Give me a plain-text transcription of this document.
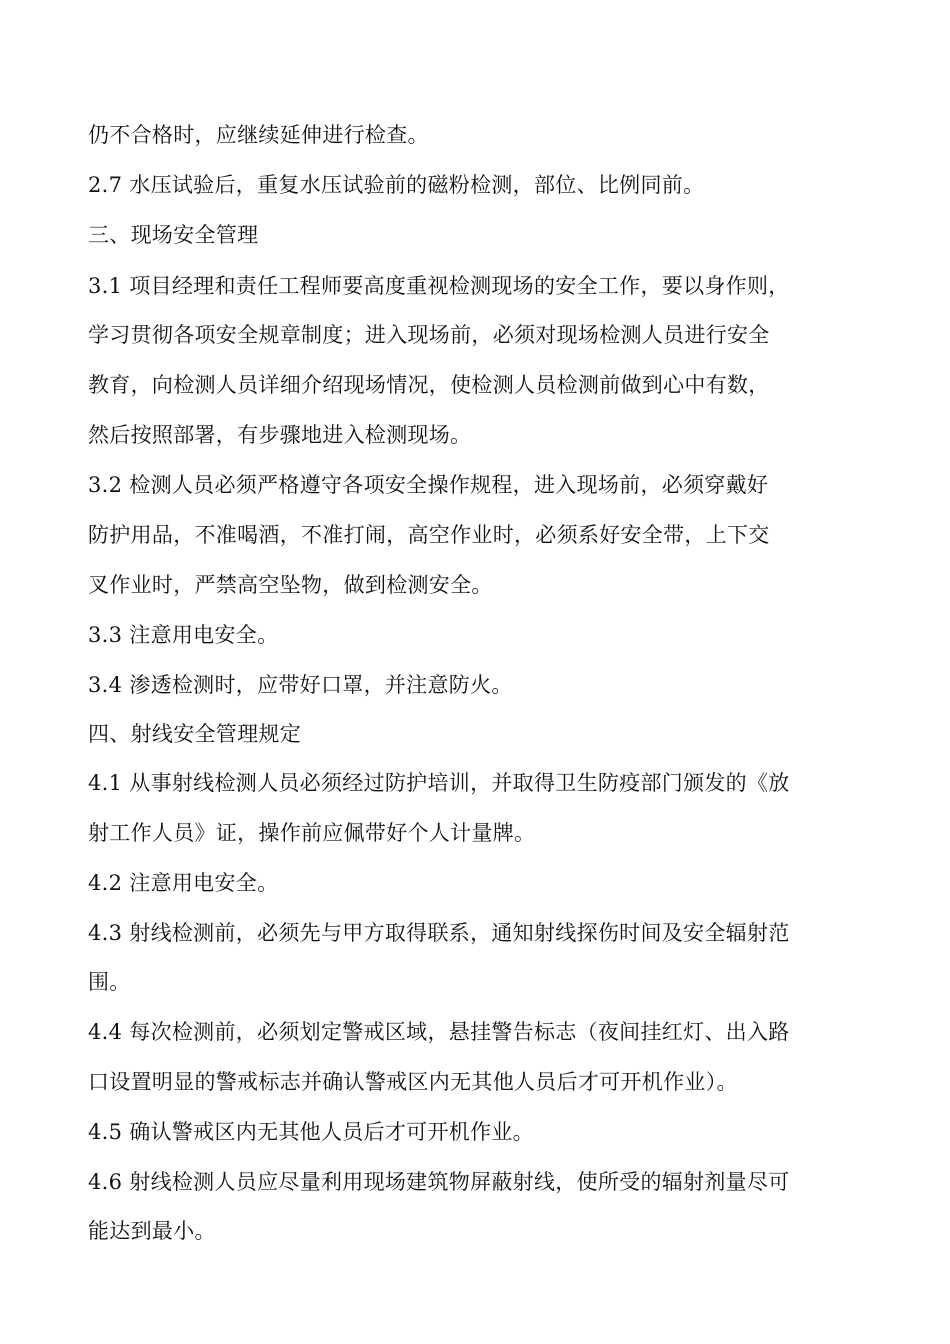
仍不合格时，应继续延伸进行检查。
2.7 水压试验后，重复水压试验前的磁粉检测，部位、比例同前。
三、现场安全管理
3.1 项目经理和责任工程师要高度重视检测现场的安全工作，要以身作则，
学习贯彻各项安全规章制度；进入现场前，必须对现场检测人员进行安全
教育，向检测人员详细介绍现场情况，使检测人员检测前做到心中有数，
然后按照部署，有步骤地进入检测现场。
3.2 检测人员必须严格遵守各项安全操作规程，进入现场前，必须穿戴好
防护用品，不准喝酒，不准打闹，高空作业时，必须系好安全带，上下交
叉作业时，严禁高空坠物，做到检测安全。
3.3 注意用电安全。
3.4 渗透检测时，应带好口罩，并注意防火。
四、射线安全管理规定
4.1 从事射线检测人员必须经过防护培训，并取得卫生防疫部门颁发的《放
射工作人员》证，操作前应佩带好个人计量牌。
4.2 注意用电安全。
4.3 射线检测前，必须先与甲方取得联系，通知射线探伤时间及安全辐射范
围。
4.4 每次检测前，必须划定警戒区域，悬挂警告标志（夜间挂红灯、出入路
口设置明显的警戒标志并确认警戒区内无其他人员后才可开机作业）。
4.5 确认警戒区内无其他人员后才可开机作业。
4.6 射线检测人员应尽量利用现场建筑物屏蔽射线，使所受的辐射剂量尽可
能达到最小。
